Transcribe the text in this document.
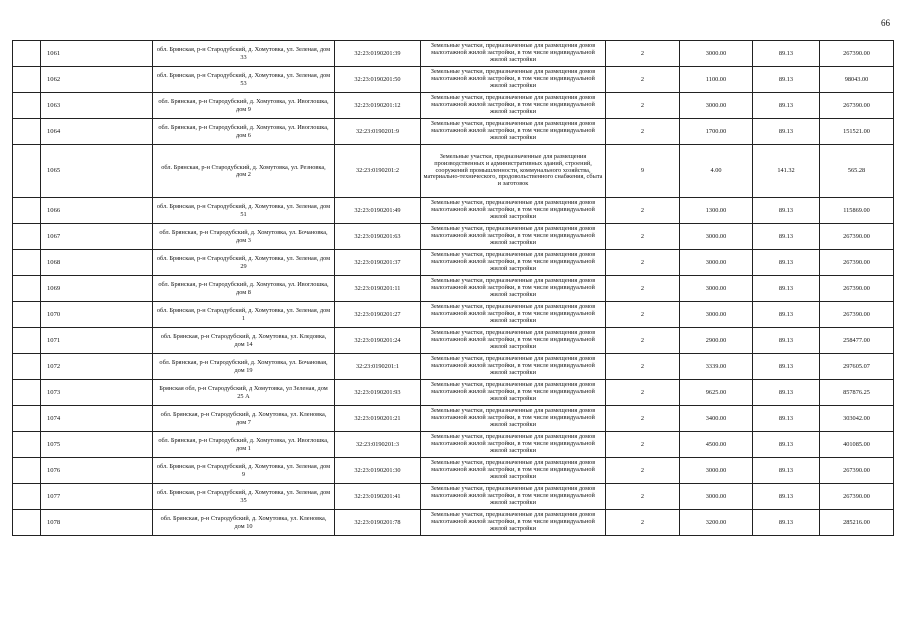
66
	1061	обл. Брянская, р-н Стародубский, д. Хомутовка, ул. Зеленая, дом 33	32:23:0190201:39	Земельные участки, предназначенные для размещения домов малоэтажной жилой застройки, в том числе индивидуальной жилой застройки	2	3000.00	89.13	267390.00
	1062	обл. Брянская, р-н Стародубский, д. Хомутовка, ул. Зеленая, дом 53	32:23:0190201:50	Земельные участки, предназначенные для размещения домов малоэтажной жилой застройки, в том числе индивидуальной жилой застройки	2	1100.00	89.13	98043.00
	1063	обл. Брянская, р-н Стародубский, д. Хомутовка, ул. Ивоглошка, дом 9	32:23:0190201:12	Земельные участки, предназначенные для размещения домов малоэтажной жилой застройки, в том числе индивидуальной жилой застройки	2	3000.00	89.13	267390.00
	1064	обл. Брянская, р-н Стародубский, д. Хомутовка, ул. Ивоглошка, дом 6	32:23:0190201:9	Земельные участки, предназначенные для размещения домов малоэтажной жилой застройки, в том числе индивидуальной жилой застройки	2	1700.00	89.13	151521.00
	1065	обл. Брянская, р-н Стародубский, д. Хомутовка, ул. Резновка, дом 2	32:23:0190201:2	Земельные участки, предназначенные для размещения производственных и административных зданий, строений, сооружений промышленности, коммунального хозяйства, материально-технического, продовольственного снабжения, сбыта и заготовок	9	4.00	141.32	565.28
	1066	обл. Брянская, р-н Стародубский, д. Хомутовка, ул. Зеленая, дом 51	32:23:0190201:49	Земельные участки, предназначенные для размещения домов малоэтажной жилой застройки, в том числе индивидуальной жилой застройки	2	1300.00	89.13	115869.00
	1067	обл. Брянская, р-н Стародубский, д. Хомутовка, ул. Бочановка, дом 3	32:23:0190201:63	Земельные участки, предназначенные для размещения домов малоэтажной жилой застройки, в том числе индивидуальной жилой застройки	2	3000.00	89.13	267390.00
	1068	обл. Брянская, р-н Стародубский, д. Хомутовка, ул. Зеленая, дом 29	32:23:0190201:37	Земельные участки, предназначенные для размещения домов малоэтажной жилой застройки, в том числе индивидуальной жилой застройки	2	3000.00	89.13	267390.00
	1069	обл. Брянская, р-н Стародубский, д. Хомутовка, ул. Ивоглошка, дом 8	32:23:0190201:11	Земельные участки, предназначенные для размещения домов малоэтажной жилой застройки, в том числе индивидуальной жилой застройки	2	3000.00	89.13	267390.00
	1070	обл. Брянская, р-н Стародубский, д. Хомутовка, ул. Зеленая, дом 1	32:23:0190201:27	Земельные участки, предназначенные для размещения домов малоэтажной жилой застройки, в том числе индивидуальной жилой застройки	2	3000.00	89.13	267390.00
	1071	обл. Брянская, р-н Стародубский, д. Хомутовка, ул. Кледовка, дом 14	32:23:0190201:24	Земельные участки, предназначенные для размещения домов малоэтажной жилой застройки, в том числе индивидуальной жилой застройки	2	2900.00	89.13	258477.00
	1072	обл. Брянская, р-н Стародубский, д. Хомутовка, ул. Бочановая, дом 19	32:23:0190201:1	Земельные участки, предназначенные для размещения домов малоэтажной жилой застройки, в том числе индивидуальной жилой застройки	2	3339.00	89.13	297605.07
	1073	Брянская обл, р-н Стародубский, д Хомутовка, ул Зеленая, дом 25 А	32:23:0190201:93	Земельные участки, предназначенные для размещения домов малоэтажной жилой застройки, в том числе индивидуальной жилой застройки	2	9625.00	89.13	857876.25
	1074	обл. Брянская, р-н Стародубский, д. Хомутовка, ул. Кленовка, дом 7	32:23:0190201:21	Земельные участки, предназначенные для размещения домов малоэтажной жилой застройки, в том числе индивидуальной жилой застройки	2	3400.00	89.13	303042.00
	1075	обл. Брянская, р-н Стародубский, д. Хомутовка, ул. Ивоглошка, дом 1	32:23:0190201:3	Земельные участки, предназначенные для размещения домов малоэтажной жилой застройки, в том числе индивидуальной жилой застройки	2	4500.00	89.13	401085.00
	1076	обл. Брянская, р-н Стародубский, д. Хомутовка, ул. Зеленая, дом 9	32:23:0190201:30	Земельные участки, предназначенные для размещения домов малоэтажной жилой застройки, в том числе индивидуальной жилой застройки	2	3000.00	89.13	267390.00
	1077	обл. Брянская, р-н Стародубский, д. Хомутовка, ул. Зеленая, дом 35	32:23:0190201:41	Земельные участки, предназначенные для размещения домов малоэтажной жилой застройки, в том числе индивидуальной жилой застройки	2	3000.00	89.13	267390.00
	1078	обл. Брянская, р-н Стародубский, д. Хомутовка, ул. Кленовка, дом 10	32:23:0190201:78	Земельные участки, предназначенные для размещения домов малоэтажной жилой застройки, в том числе индивидуальной жилой застройки	2	3200.00	89.13	285216.00
